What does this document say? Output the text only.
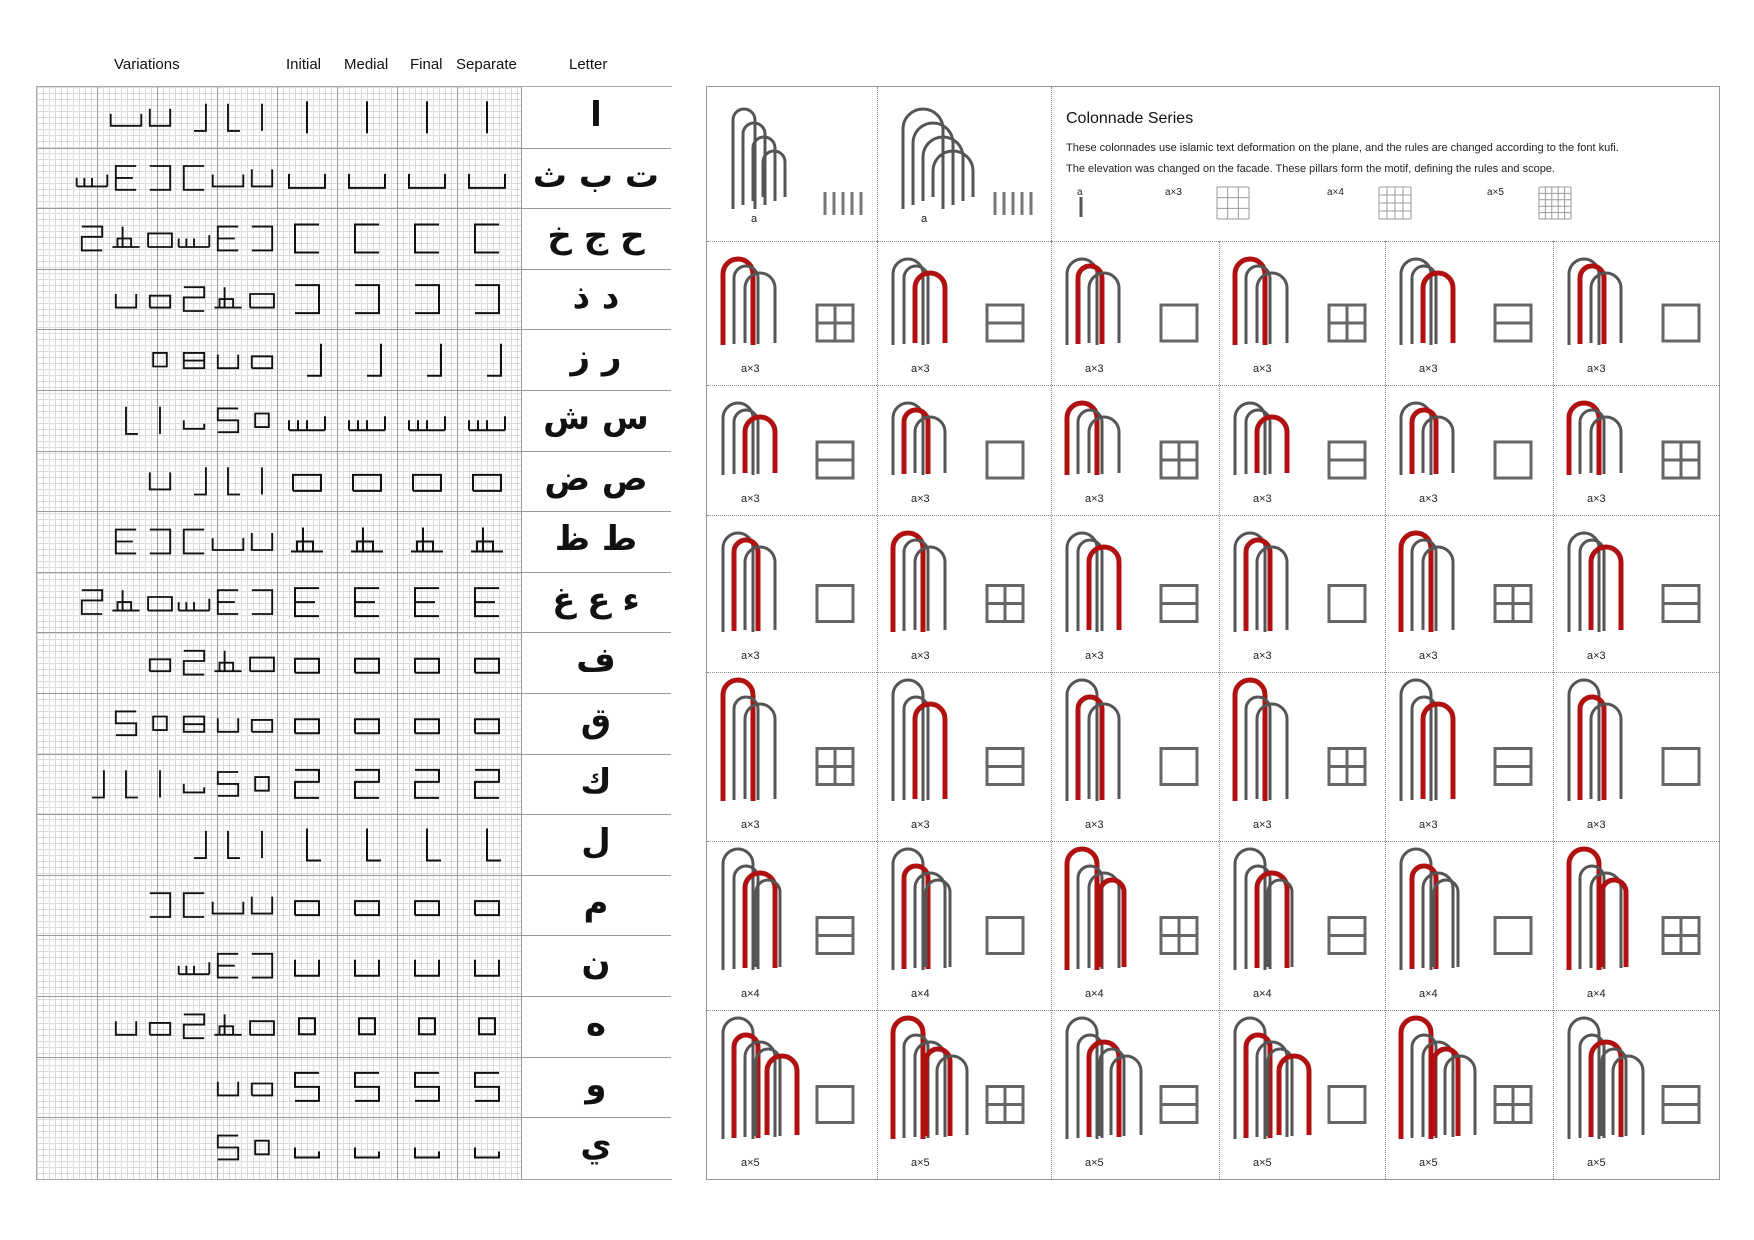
Variations	Initial Medial Final Separate	Letter
ا
ت ب ث
ح ج خ
د ذ
ر ز
س ش
ص ض
ط ظ
ء ع غ
ف
ق
ك
ل
م
ن
ه
و
ي
a	a
a	a×3	a×4	a×5
a×3	a×3	a×3	a×3	a×3	a×3
a×3	a×3	a×3	a×3	a×3	a×3
a×3	a×3	a×3	a×3	a×3	a×3
a×3	a×3	a×3	a×3	a×3	a×3
a×4	a×4	a×4	a×4	a×4	a×4
a×5	a×5	a×5	a×5	a×5	a×5
Colonnade Series
These colonnades use islamic text deformation on the plane, and the rules are changed according to the font kufi.
The elevation was changed on the facade. These pillars form the motif, defining the rules and scope.
